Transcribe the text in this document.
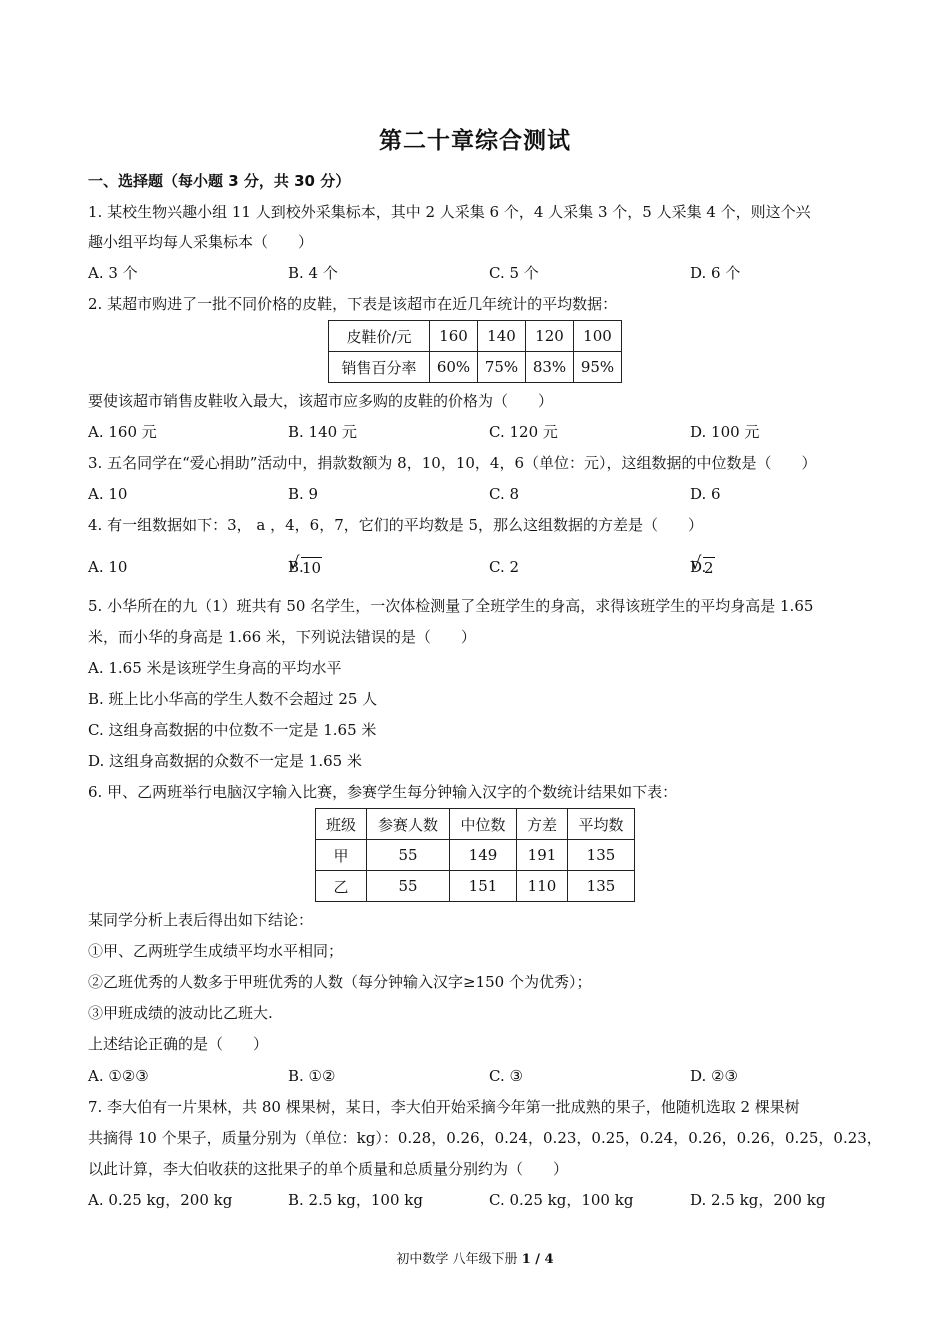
第二十章综合测试
一、选择题（每小题 3 分，共 30 分）
1. 某校生物兴趣小组 11 人到校外采集标本，其中 2 人采集 6 个，4 人采集 3 个，5 人采集 4 个，则这个兴
趣小组平均每人采集标本（　　）
A. 3 个	B. 4 个	C. 5 个	D. 6 个
2. 某超市购进了一批不同价格的皮鞋，下表是该超市在近几年统计的平均数据：
皮鞋价/元	160	140	120	100
销售百分率	60%	75%	83%	95%
要使该超市销售皮鞋收入最大，该超市应多购的皮鞋的价格为（　　）
A. 160 元	B. 140 元	C. 120 元	D. 100 元
3. 五名同学在“爱心捐助”活动中，捐款数额为 8，10，10，4，6（单位：元），这组数据的中位数是（　　）
A. 10	B. 9	C. 8	D. 6
4. 有一组数据如下：3， a ，4，6，7，它们的平均数是 5，那么这组数据的方差是（　　）
A. 10	B.
10	C. 2	D.
2
5. 小华所在的九（1）班共有 50 名学生，一次体检测量了全班学生的身高，求得该班学生的平均身高是 1.65
米，而小华的身高是 1.66 米，下列说法错误的是（　　）
A. 1.65 米是该班学生身高的平均水平
B. 班上比小华高的学生人数不会超过 25 人
C. 这组身高数据的中位数不一定是 1.65 米
D. 这组身高数据的众数不一定是 1.65 米
6. 甲、乙两班举行电脑汉字输入比赛，参赛学生每分钟输入汉字的个数统计结果如下表：
班级	参赛人数	中位数	方差	平均数
甲	55	149	191	135
乙	55	151	110	135
某同学分析上表后得出如下结论：
①甲、乙两班学生成绩平均水平相同；
②乙班优秀的人数多于甲班优秀的人数（每分钟输入汉字≥150 个为优秀）；
③甲班成绩的波动比乙班大.
上述结论正确的是（　　）
A. ①②③	B. ①②	C. ③	D. ②③
7. 李大伯有一片果林，共 80 棵果树，某日，李大伯开始采摘今年第一批成熟的果子，他随机选取 2 棵果树
共摘得 10 个果子，质量分别为（单位：kg）：0.28，0.26，0.24，0.23，0.25，0.24，0.26，0.26，0.25，0.23，
以此计算，李大伯收获的这批果子的单个质量和总质量分别约为（　　）
A. 0.25 kg，200 kg	B. 2.5 kg，100 kg	C. 0.25 kg，100 kg	D. 2.5 kg，200 kg
初中数学 八年级下册 1 / 4
